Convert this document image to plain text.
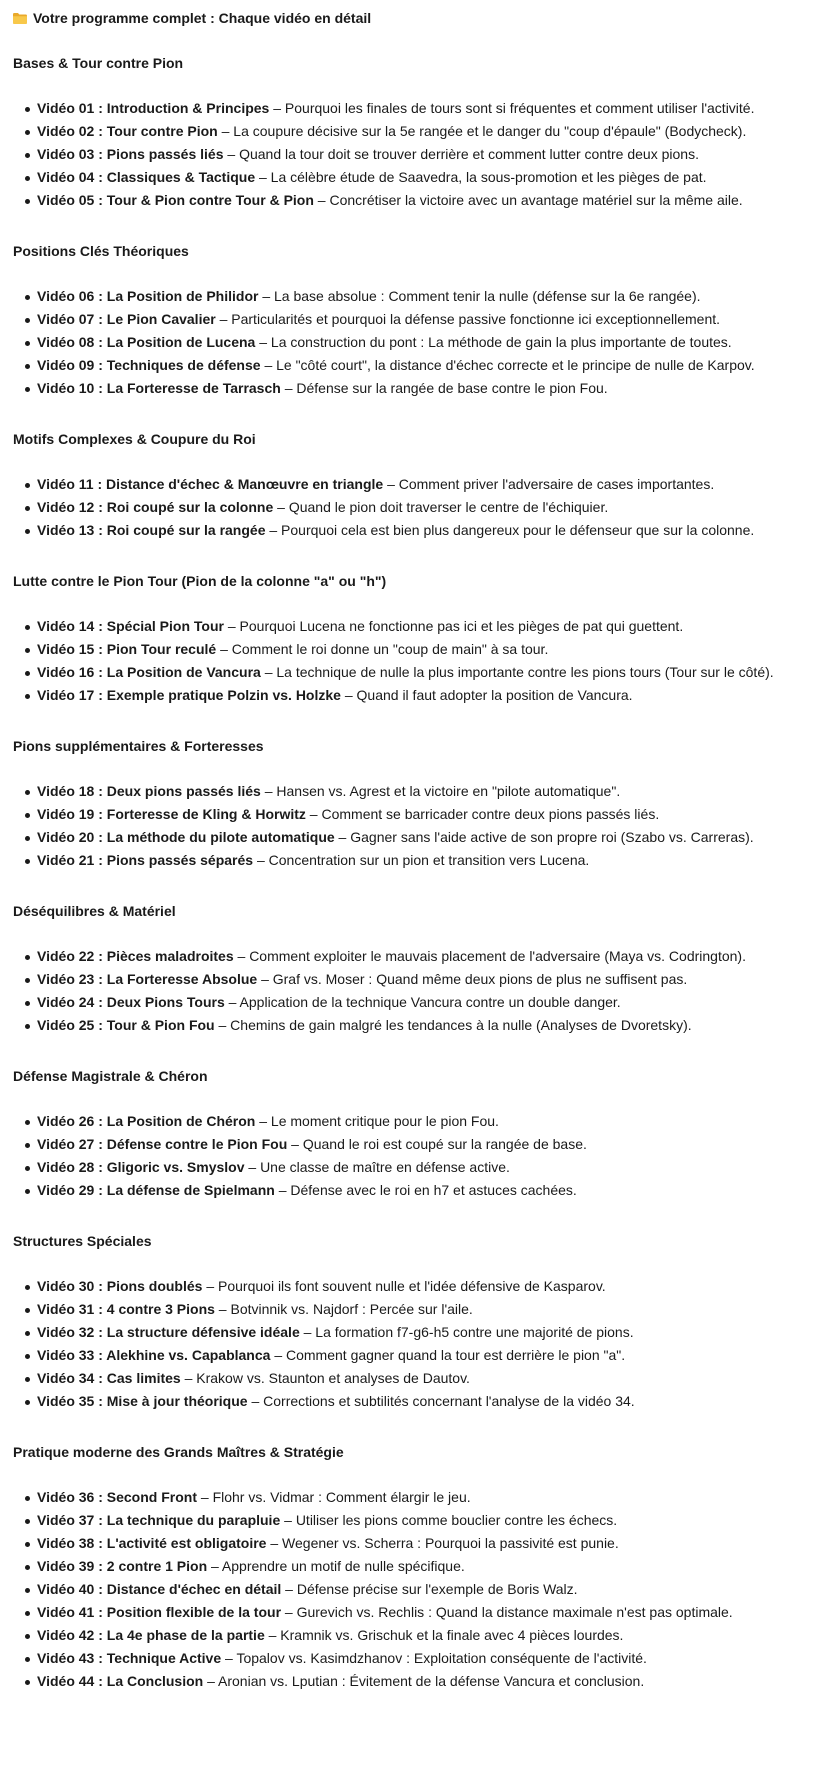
Votre programme complet : Chaque vidéo en détail
Bases & Tour contre Pion
Vidéo 01 : Introduction & Principes – Pourquoi les finales de tours sont si fréquentes et comment utiliser l'activité.
Vidéo 02 : Tour contre Pion – La coupure décisive sur la 5e rangée et le danger du "coup d'épaule" (Bodycheck).
Vidéo 03 : Pions passés liés – Quand la tour doit se trouver derrière et comment lutter contre deux pions.
Vidéo 04 : Classiques & Tactique – La célèbre étude de Saavedra, la sous-promotion et les pièges de pat.
Vidéo 05 : Tour & Pion contre Tour & Pion – Concrétiser la victoire avec un avantage matériel sur la même aile.
Positions Clés Théoriques
Vidéo 06 : La Position de Philidor – La base absolue : Comment tenir la nulle (défense sur la 6e rangée).
Vidéo 07 : Le Pion Cavalier – Particularités et pourquoi la défense passive fonctionne ici exceptionnellement.
Vidéo 08 : La Position de Lucena – La construction du pont : La méthode de gain la plus importante de toutes.
Vidéo 09 : Techniques de défense – Le "côté court", la distance d'échec correcte et le principe de nulle de Karpov.
Vidéo 10 : La Forteresse de Tarrasch – Défense sur la rangée de base contre le pion Fou.
Motifs Complexes & Coupure du Roi
Vidéo 11 : Distance d'échec & Manœuvre en triangle – Comment priver l'adversaire de cases importantes.
Vidéo 12 : Roi coupé sur la colonne – Quand le pion doit traverser le centre de l'échiquier.
Vidéo 13 : Roi coupé sur la rangée – Pourquoi cela est bien plus dangereux pour le défenseur que sur la colonne.
Lutte contre le Pion Tour (Pion de la colonne "a" ou "h")
Vidéo 14 : Spécial Pion Tour – Pourquoi Lucena ne fonctionne pas ici et les pièges de pat qui guettent.
Vidéo 15 : Pion Tour reculé – Comment le roi donne un "coup de main" à sa tour.
Vidéo 16 : La Position de Vancura – La technique de nulle la plus importante contre les pions tours (Tour sur le côté).
Vidéo 17 : Exemple pratique Polzin vs. Holzke – Quand il faut adopter la position de Vancura.
Pions supplémentaires & Forteresses
Vidéo 18 : Deux pions passés liés – Hansen vs. Agrest et la victoire en "pilote automatique".
Vidéo 19 : Forteresse de Kling & Horwitz – Comment se barricader contre deux pions passés liés.
Vidéo 20 : La méthode du pilote automatique – Gagner sans l'aide active de son propre roi (Szabo vs. Carreras).
Vidéo 21 : Pions passés séparés – Concentration sur un pion et transition vers Lucena.
Déséquilibres & Matériel
Vidéo 22 : Pièces maladroites – Comment exploiter le mauvais placement de l'adversaire (Maya vs. Codrington).
Vidéo 23 : La Forteresse Absolue – Graf vs. Moser : Quand même deux pions de plus ne suffisent pas.
Vidéo 24 : Deux Pions Tours – Application de la technique Vancura contre un double danger.
Vidéo 25 : Tour & Pion Fou – Chemins de gain malgré les tendances à la nulle (Analyses de Dvoretsky).
Défense Magistrale & Chéron
Vidéo 26 : La Position de Chéron – Le moment critique pour le pion Fou.
Vidéo 27 : Défense contre le Pion Fou – Quand le roi est coupé sur la rangée de base.
Vidéo 28 : Gligoric vs. Smyslov – Une classe de maître en défense active.
Vidéo 29 : La défense de Spielmann – Défense avec le roi en h7 et astuces cachées.
Structures Spéciales
Vidéo 30 : Pions doublés – Pourquoi ils font souvent nulle et l'idée défensive de Kasparov.
Vidéo 31 : 4 contre 3 Pions – Botvinnik vs. Najdorf : Percée sur l'aile.
Vidéo 32 : La structure défensive idéale – La formation f7-g6-h5 contre une majorité de pions.
Vidéo 33 : Alekhine vs. Capablanca – Comment gagner quand la tour est derrière le pion "a".
Vidéo 34 : Cas limites – Krakow vs. Staunton et analyses de Dautov.
Vidéo 35 : Mise à jour théorique – Corrections et subtilités concernant l'analyse de la vidéo 34.
Pratique moderne des Grands Maîtres & Stratégie
Vidéo 36 : Second Front – Flohr vs. Vidmar : Comment élargir le jeu.
Vidéo 37 : La technique du parapluie – Utiliser les pions comme bouclier contre les échecs.
Vidéo 38 : L'activité est obligatoire – Wegener vs. Scherra : Pourquoi la passivité est punie.
Vidéo 39 : 2 contre 1 Pion – Apprendre un motif de nulle spécifique.
Vidéo 40 : Distance d'échec en détail – Défense précise sur l'exemple de Boris Walz.
Vidéo 41 : Position flexible de la tour – Gurevich vs. Rechlis : Quand la distance maximale n'est pas optimale.
Vidéo 42 : La 4e phase de la partie – Kramnik vs. Grischuk et la finale avec 4 pièces lourdes.
Vidéo 43 : Technique Active – Topalov vs. Kasimdzhanov : Exploitation conséquente de l'activité.
Vidéo 44 : La Conclusion – Aronian vs. Lputian : Évitement de la défense Vancura et conclusion.
